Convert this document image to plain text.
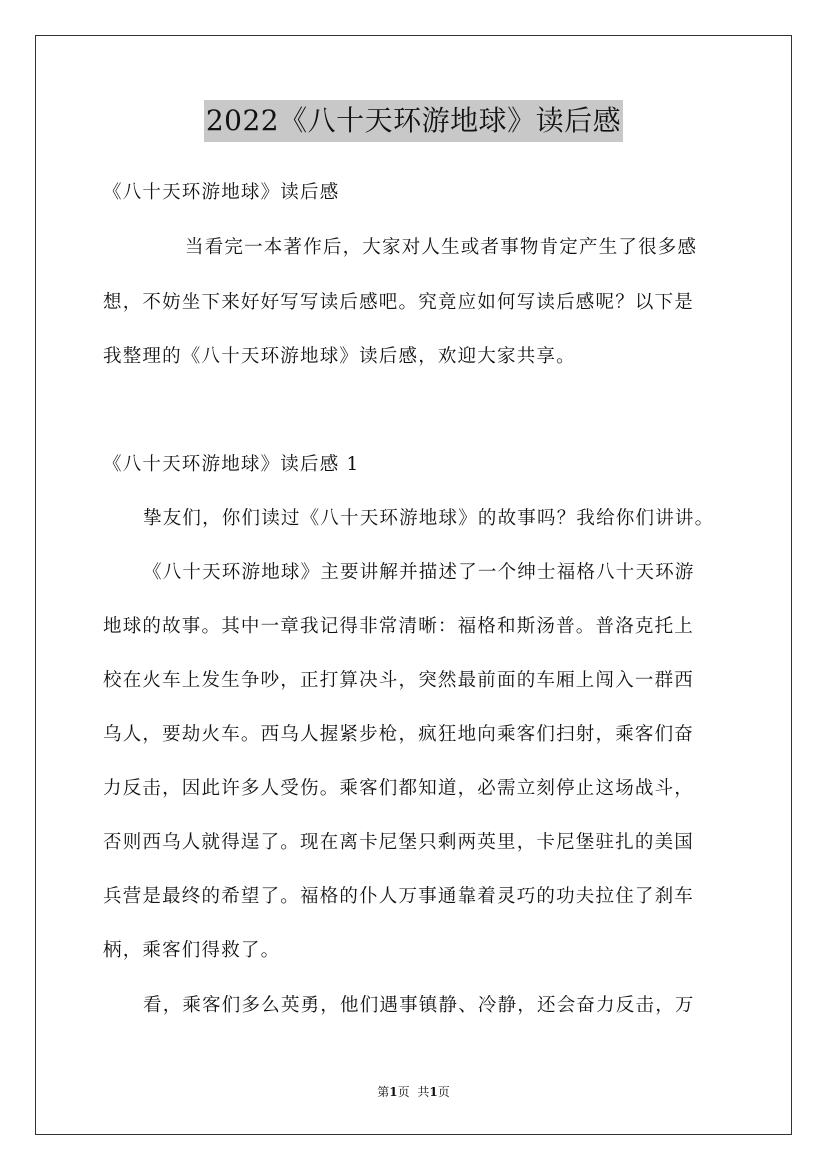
2022《八十天环游地球》读后感
《八十天环游地球》读后感
当看完一本著作后，大家对人生或者事物肯定产生了很多感
想，不妨坐下来好好写写读后感吧。究竟应如何写读后感呢？以下是
我整理的《八十天环游地球》读后感，欢迎大家共享。
《八十天环游地球》读后感 1
挚友们，你们读过《八十天环游地球》的故事吗？我给你们讲讲。
《八十天环游地球》主要讲解并描述了一个绅士福格八十天环游
地球的故事。其中一章我记得非常清晰：福格和斯汤普。普洛克托上
校在火车上发生争吵，正打算决斗，突然最前面的车厢上闯入一群西
乌人，要劫火车。西乌人握紧步枪，疯狂地向乘客们扫射，乘客们奋
力反击，因此许多人受伤。乘客们都知道，必需立刻停止这场战斗，
否则西乌人就得逞了。现在离卡尼堡只剩两英里，卡尼堡驻扎的美国
兵营是最终的希望了。福格的仆人万事通靠着灵巧的功夫拉住了刹车
柄，乘客们得救了。
看，乘客们多么英勇，他们遇事镇静、冷静，还会奋力反击，万
第1页 共1页
